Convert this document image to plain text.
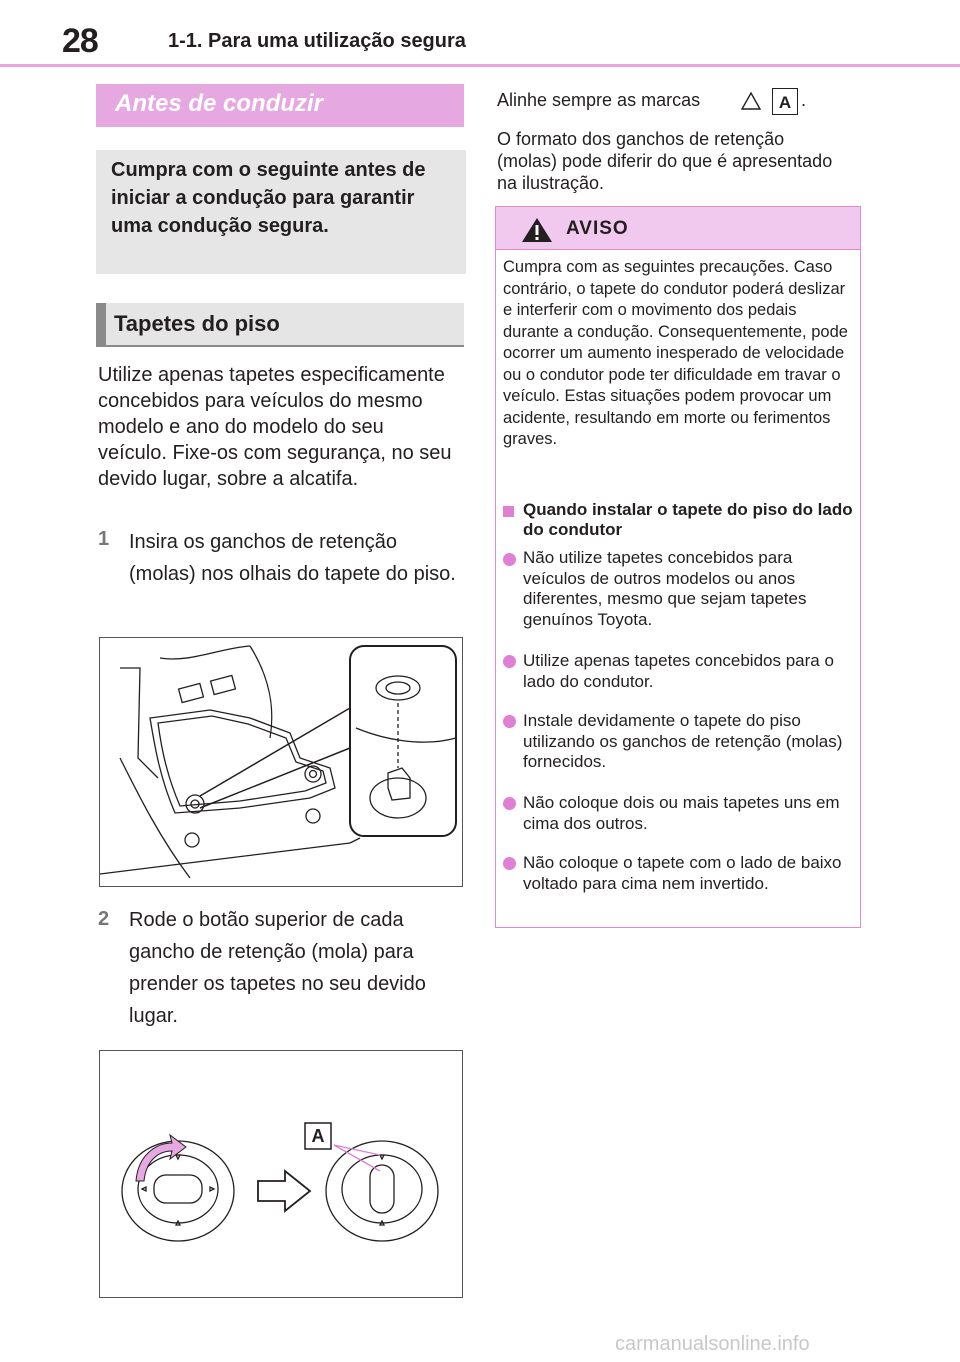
28	1-1. Para uma utilização segura
Antes de conduzir
Cumpra com o seguinte antes de iniciar a condução para garantir uma condução segura.
Tapetes do piso
Utilize apenas tapetes especificamente concebidos para veículos do mesmo modelo e ano do modelo do seu veículo. Fixe-os com segurança, no seu devido lugar, sobre a alcatifa.
1 Insira os ganchos de retenção (molas) nos olhais do tapete do piso.
2 Rode o botão superior de cada gancho de retenção (mola) para prender os tapetes no seu devido lugar.
A
Alinhe sempre as marcas	A .
O formato dos ganchos de retenção (molas) pode diferir do que é apresentado na ilustração.
AVISO
Cumpra com as seguintes precauções. Caso contrário, o tapete do condutor poderá deslizar e interferir com o movimento dos pedais durante a condução. Consequentemente, pode ocorrer um aumento inesperado de velocidade ou o condutor pode ter dificuldade em travar o veículo. Estas situações podem provocar um acidente, resultando em morte ou ferimentos graves.
Quando instalar o tapete do piso do lado do condutor
Não utilize tapetes concebidos para veículos de outros modelos ou anos diferentes, mesmo que sejam tapetes genuínos Toyota.
Utilize apenas tapetes concebidos para o lado do condutor.
Instale devidamente o tapete do piso utilizando os ganchos de retenção (molas) fornecidos.
Não coloque dois ou mais tapetes uns em cima dos outros.
Não coloque o tapete com o lado de baixo voltado para cima nem invertido.
carmanualsonline.info
